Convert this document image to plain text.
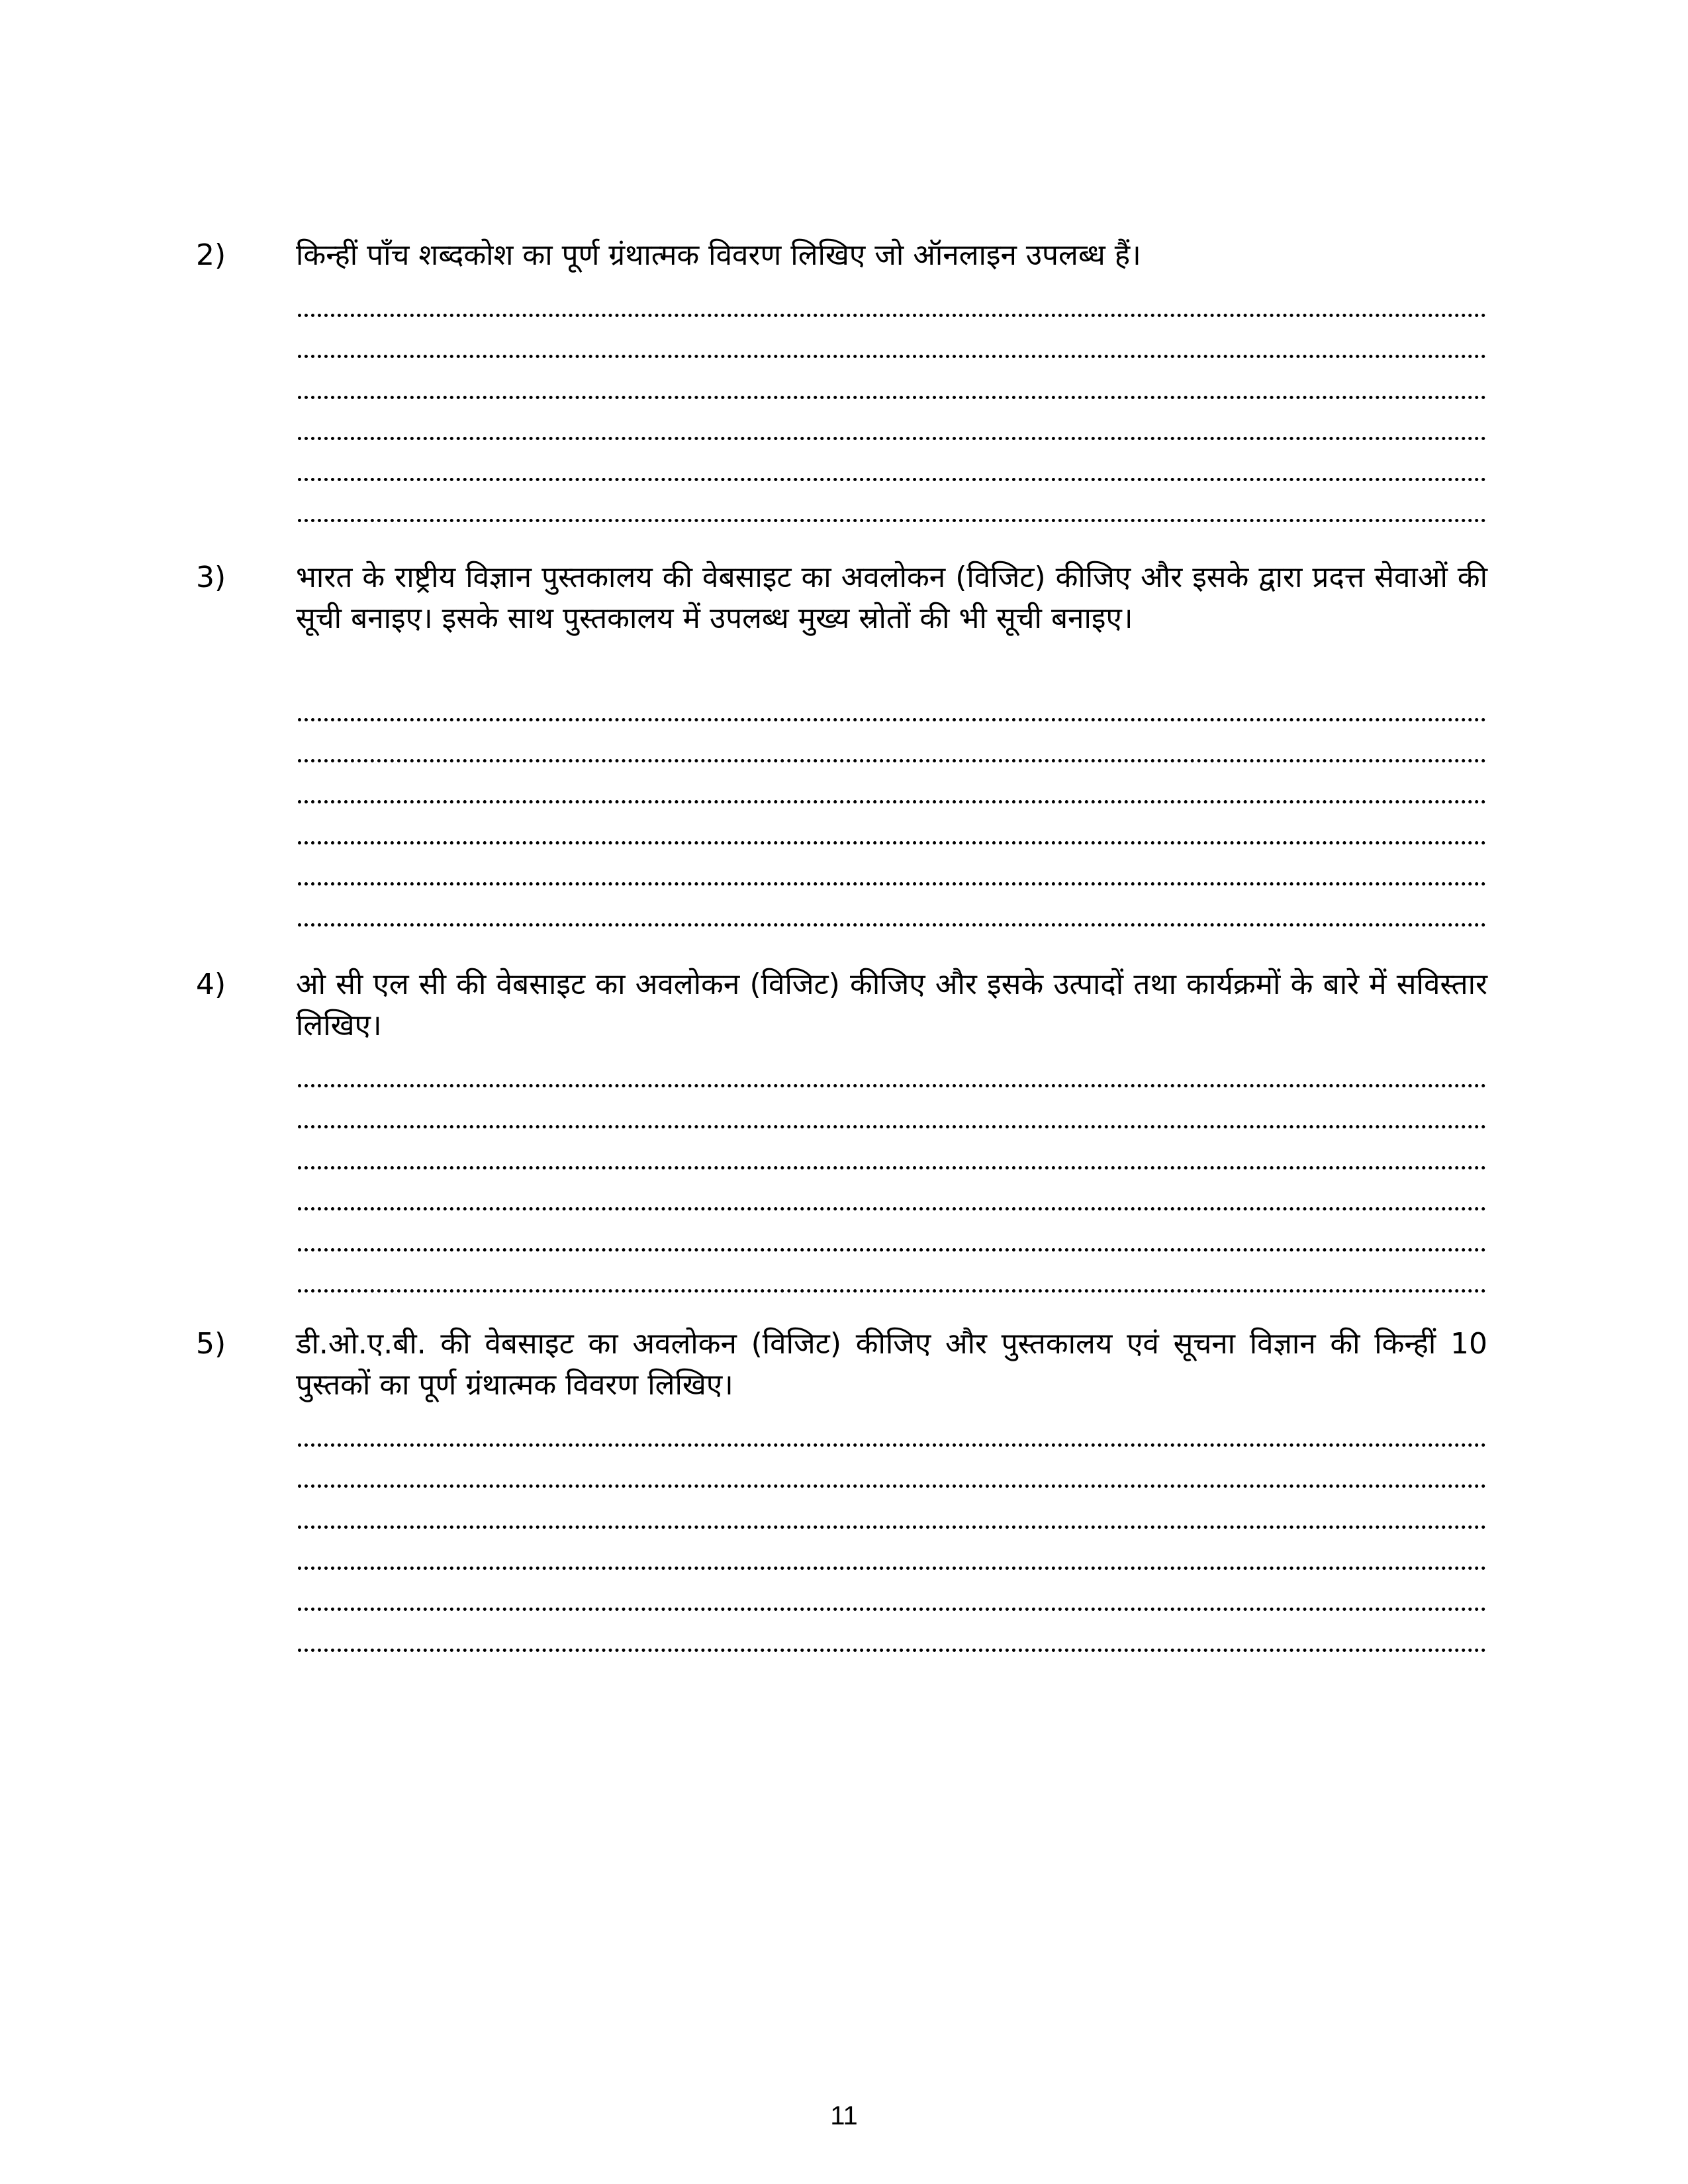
2) किन्हीं पाँच शब्दकोश का पूर्ण ग्रंथात्मक विवरण लिखिए जो ऑनलाइन उपलब्ध हैं।
3) भारत के राष्ट्रीय विज्ञान पुस्तकालय की वेबसाइट का अवलोकन (विजिट) कीजिए और इसके द्वारा प्रदत्त सेवाओं की सूची बनाइए। इसके साथ पुस्तकालय में उपलब्ध मुख्य स्रोतों की भी सूची बनाइए।
4) ओ सी एल सी की वेबसाइट का अवलोकन (विजिट) कीजिए और इसके उत्पादों तथा कार्यक्रमों के बारे में सविस्तार लिखिए।
5) डी.ओ.ए.बी. की वेबसाइट का अवलोकन (विजिट) कीजिए और पुस्तकालय एवं सूचना विज्ञान की किन्हीं 10 पुस्तकों का पूर्ण ग्रंथात्मक विवरण लिखिए।
11
